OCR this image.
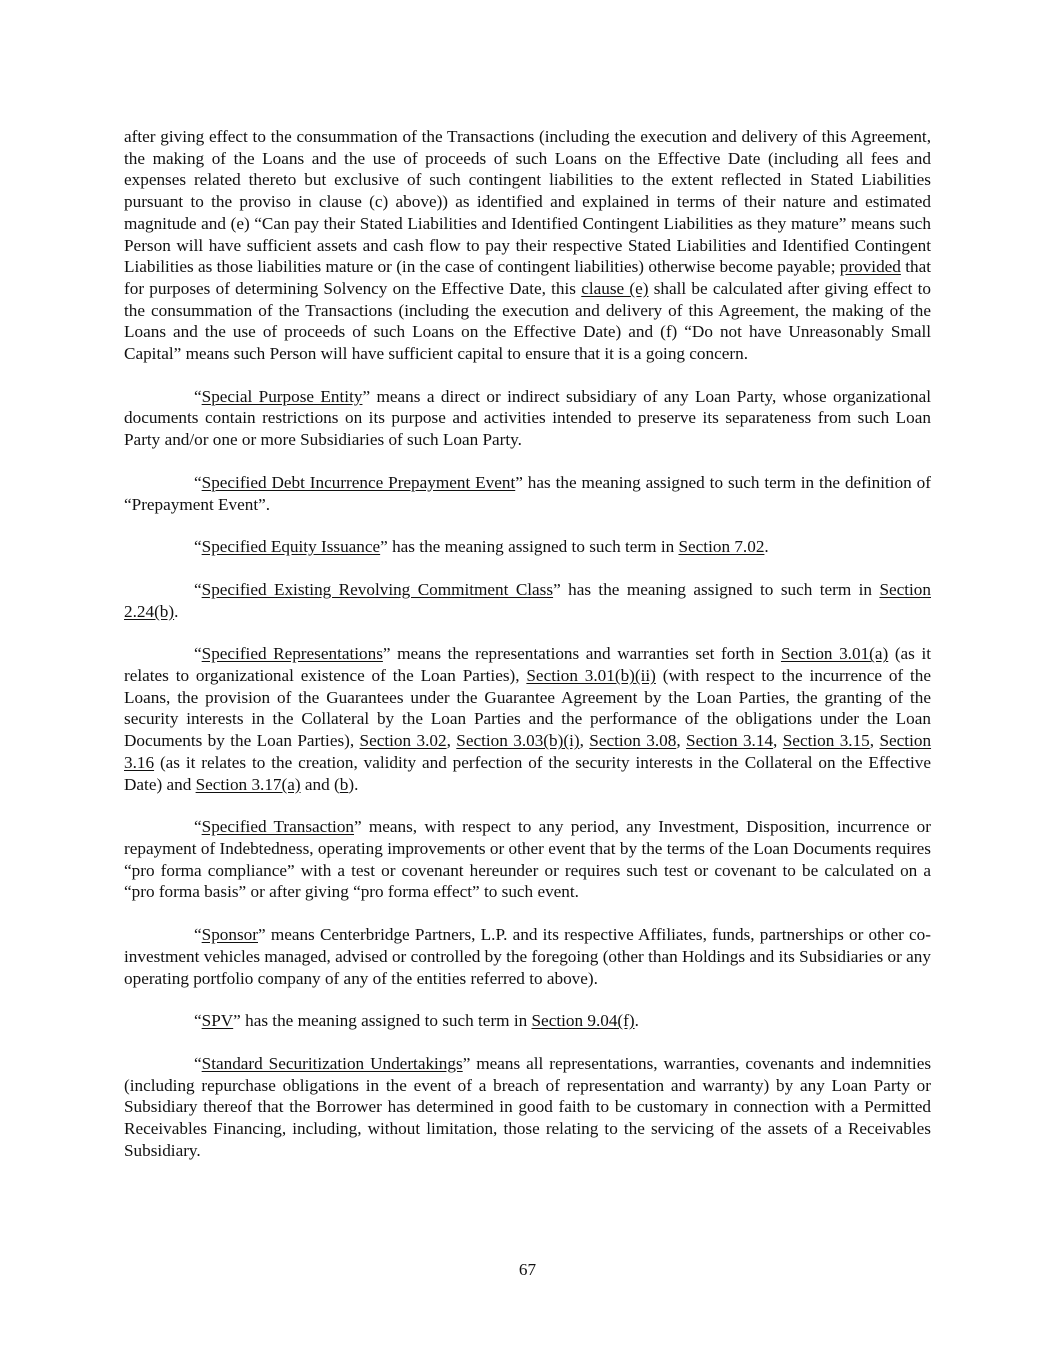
after giving effect to the consummation of the Transactions (including the execution and delivery of this Agreement, the making of the Loans and the use of proceeds of such Loans on the Effective Date (including all fees and expenses related thereto but exclusive of such contingent liabilities to the extent reflected in Stated Liabilities pursuant to the proviso in clause (c) above)) as identified and explained in terms of their nature and estimated magnitude and (e) “Can pay their Stated Liabilities and Identified Contingent Liabilities as they mature” means such Person will have sufficient assets and cash flow to pay their respective Stated Liabilities and Identified Contingent Liabilities as those liabilities mature or (in the case of contingent liabilities) otherwise become payable; provided that for purposes of determining Solvency on the Effective Date, this clause (e) shall be calculated after giving effect to the consummation of the Transactions (including the execution and delivery of this Agreement, the making of the Loans and the use of proceeds of such Loans on the Effective Date) and (f) “Do not have Unreasonably Small Capital” means such Person will have sufficient capital to ensure that it is a going concern.

“Special Purpose Entity” means a direct or indirect subsidiary of any Loan Party, whose organizational documents contain restrictions on its purpose and activities intended to preserve its separateness from such Loan Party and/or one or more Subsidiaries of such Loan Party.

“Specified Debt Incurrence Prepayment Event” has the meaning assigned to such term in the definition of “Prepayment Event”.

“Specified Equity Issuance” has the meaning assigned to such term in Section 7.02.

“Specified Existing Revolving Commitment Class” has the meaning assigned to such term in Section 2.24(b).

“Specified Representations” means the representations and warranties set forth in Section 3.01(a) (as it relates to organizational existence of the Loan Parties), Section 3.01(b)(ii) (with respect to the incurrence of the Loans, the provision of the Guarantees under the Guarantee Agreement by the Loan Parties, the granting of the security interests in the Collateral by the Loan Parties and the performance of the obligations under the Loan Documents by the Loan Parties), Section 3.02, Section 3.03(b)(i), Section 3.08, Section 3.14, Section 3.15, Section 3.16 (as it relates to the creation, validity and perfection of the security interests in the Collateral on the Effective Date) and Section 3.17(a) and (b).

“Specified Transaction” means, with respect to any period, any Investment, Disposition, incurrence or repayment of Indebtedness, operating improvements or other event that by the terms of the Loan Documents requires “pro forma compliance” with a test or covenant hereunder or requires such test or covenant to be calculated on a “pro forma basis” or after giving “pro forma effect” to such event.

“Sponsor” means Centerbridge Partners, L.P. and its respective Affiliates, funds, partnerships or other co-investment vehicles managed, advised or controlled by the foregoing (other than Holdings and its Subsidiaries or any operating portfolio company of any of the entities referred to above).

“SPV” has the meaning assigned to such term in Section 9.04(f).

“Standard Securitization Undertakings” means all representations, warranties, covenants and indemnities (including repurchase obligations in the event of a breach of representation and warranty) by any Loan Party or Subsidiary thereof that the Borrower has determined in good faith to be customary in connection with a Permitted Receivables Financing, including, without limitation, those relating to the servicing of the assets of a Receivables Subsidiary.

67
